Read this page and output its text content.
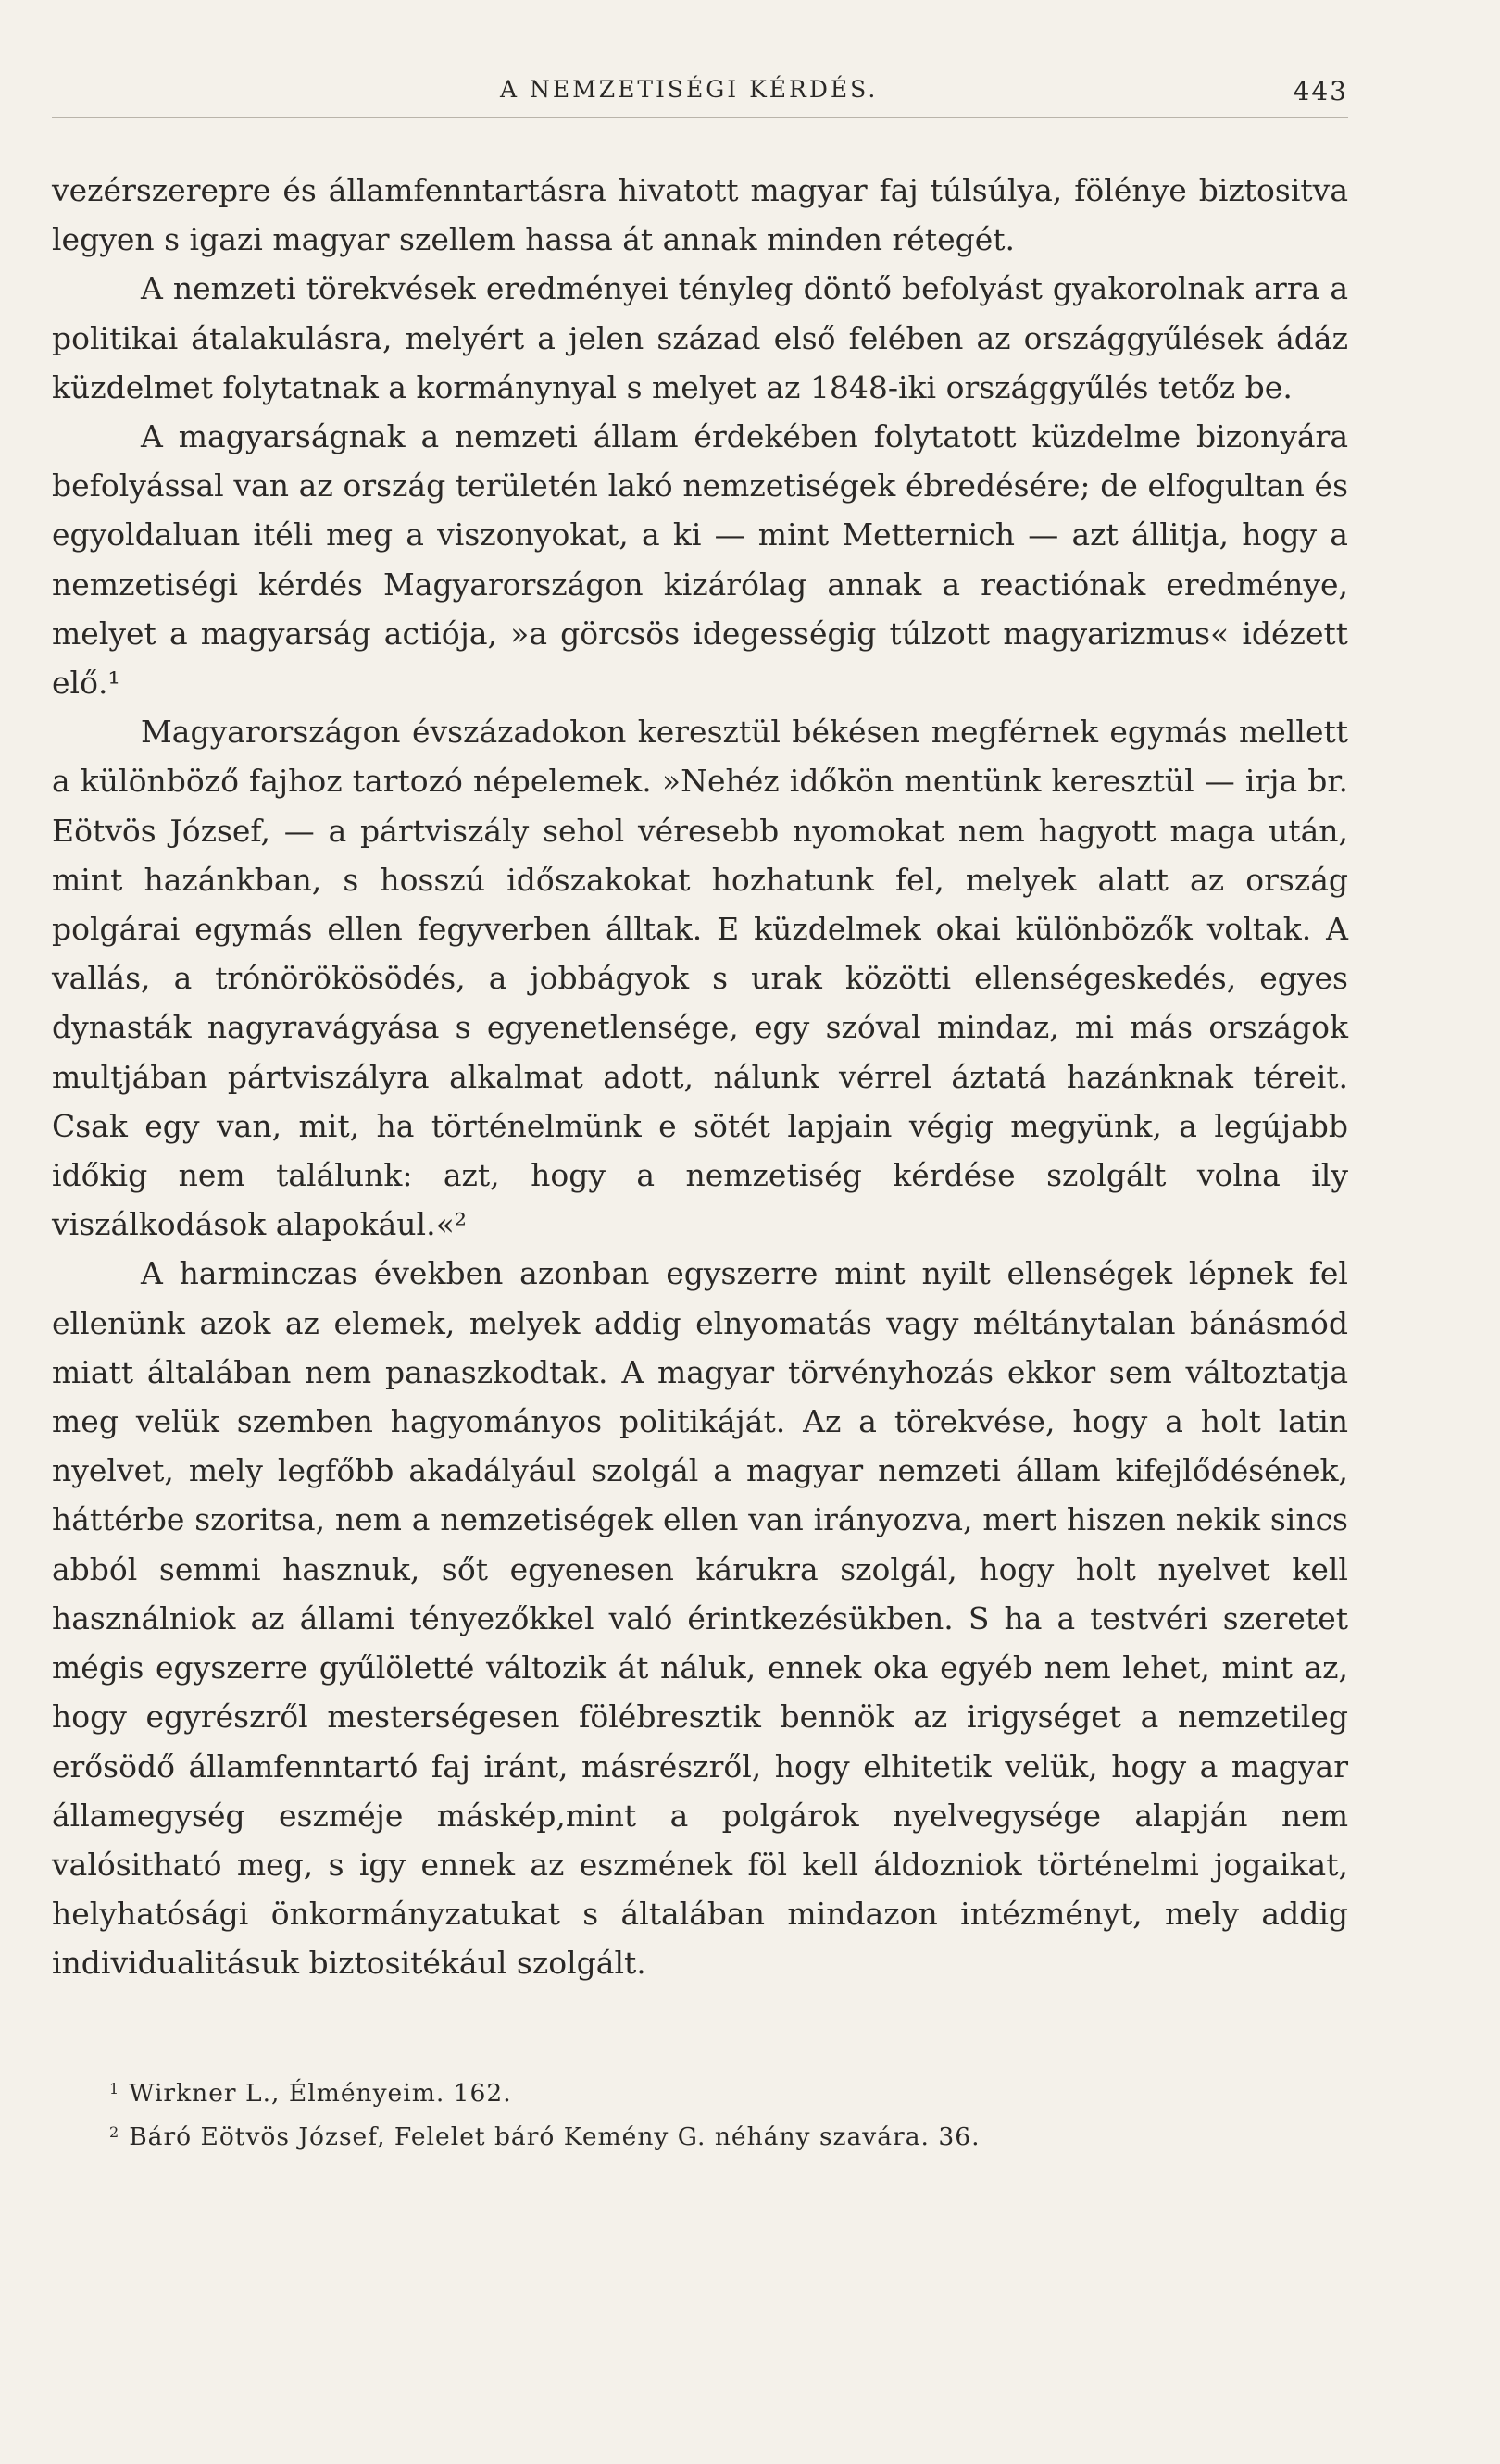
A NEMZETISÉGI KÉRDÉS.	443

vezérszerepre és államfenntartásra hivatott magyar faj túlsúlya, fölénye biztositva legyen s igazi magyar szellem hassa át annak minden rétegét.

A nemzeti törekvések eredményei tényleg döntő befolyást gyakorolnak arra a politikai átalakulásra, melyért a jelen század első felében az országgyűlések ádáz küzdelmet folytatnak a kormánynyal s melyet az 1848-iki országgyűlés tetőz be.

A magyarságnak a nemzeti állam érdekében folytatott küzdelme bizonyára befolyással van az ország területén lakó nemzetiségek ébredésére; de elfogultan és egyoldaluan itéli meg a viszonyokat, a ki — mint Metternich — azt állitja, hogy a nemzetiségi kérdés Magyarországon kizárólag annak a reactiónak eredménye, melyet a magyarság actiója, »a görcsös idegességig túlzott magyarizmus« idézett elő.¹

Magyarországon évszázadokon keresztül békésen megférnek egymás mellett a különböző fajhoz tartozó népelemek. »Nehéz időkön mentünk keresztül — irja br. Eötvös József, — a pártviszály sehol véresebb nyomokat nem hagyott maga után, mint hazánkban, s hosszú időszakokat hozhatunk fel, melyek alatt az ország polgárai egymás ellen fegyverben álltak. E küzdelmek okai különbözők voltak. A vallás, a trónörökösödés, a jobbágyok s urak közötti ellenségeskedés, egyes dynasták nagyravágyása s egyenetlensége, egy szóval mindaz, mi más országok multjában pártviszályra alkalmat adott, nálunk vérrel áztatá hazánknak téreit. Csak egy van, mit, ha történelmünk e sötét lapjain végig megyünk, a legújabb időkig nem találunk: azt, hogy a nemzetiség kérdése szolgált volna ily viszálkodások alapokául.«²

A harminczas években azonban egyszerre mint nyilt ellenségek lépnek fel ellenünk azok az elemek, melyek addig elnyomatás vagy méltánytalan bánásmód miatt általában nem panaszkodtak. A magyar törvényhozás ekkor sem változtatja meg velük szemben hagyományos politikáját. Az a törekvése, hogy a holt latin nyelvet, mely legfőbb akadályául szolgál a magyar nemzeti állam kifejlődésének, háttérbe szoritsa, nem a nemzetiségek ellen van irányozva, mert hiszen nekik sincs abból semmi hasznuk, sőt egyenesen kárukra szolgál, hogy holt nyelvet kell használniok az állami tényezőkkel való érintkezésükben. S ha a testvéri szeretet mégis egyszerre gyűlöletté változik át náluk, ennek oka egyéb nem lehet, mint az, hogy egyrészről mesterségesen fölébresztik bennök az irigységet a nemzetileg erősödő államfenntartó faj iránt, másrészről, hogy elhitetik velük, hogy a magyar államegység eszméje máskép,mint a polgárok nyelvegysége alapján nem valósitható meg, s igy ennek az eszmének föl kell áldozniok történelmi jogaikat, helyhatósági önkormányzatukat s általában mindazon intézményt, mely addig individualitásuk biztositékául szolgált.

$^1$ Wirkner L., Élményeim. 162.
$^2$ Báró Eötvös József, Felelet báró Kemény G. néhány szavára. 36.
